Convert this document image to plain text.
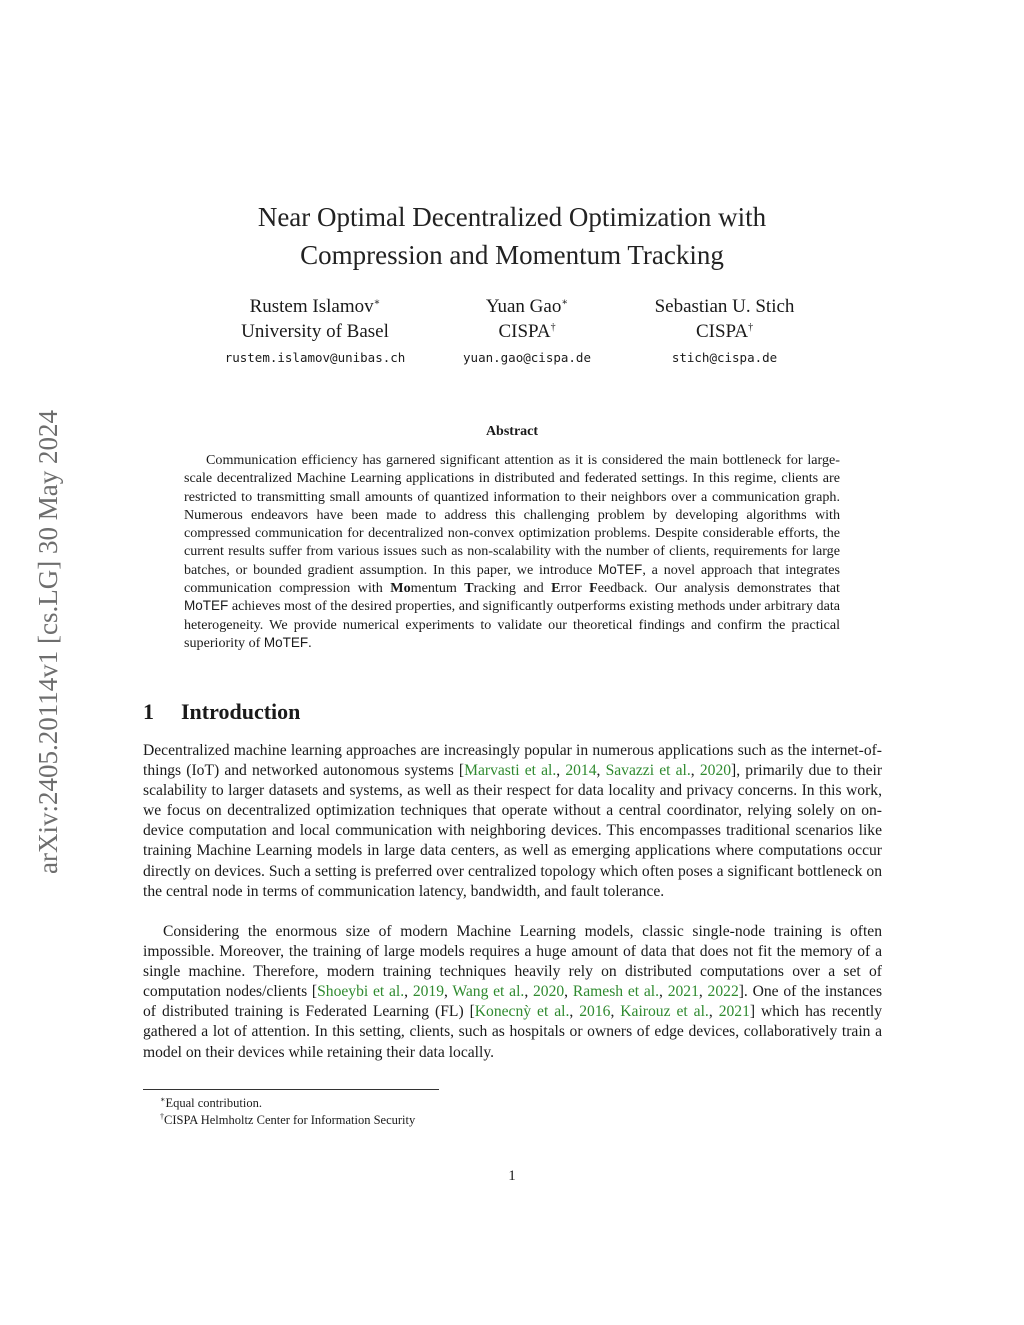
arXiv:2405.20114v1 [cs.LG] 30 May 2024
Near Optimal Decentralized Optimization with
Compression and Momentum Tracking
Rustem Islamov∗
University of Basel
rustem.islamov@unibas.ch
Yuan Gao∗
CISPA†
yuan.gao@cispa.de
Sebastian U. Stich
CISPA†
stich@cispa.de
Abstract
Communication efficiency has garnered significant attention as it is considered the main bottleneck for large-scale decentralized Machine Learning applications in distributed and federated settings. In this regime, clients are restricted to transmitting small amounts of quantized information to their neighbors over a communication graph. Numerous endeavors have been made to address this challenging problem by developing algorithms with compressed communication for decentralized non-convex optimization problems. Despite considerable efforts, the current results suffer from various issues such as non-scalability with the number of clients, requirements for large batches, or bounded gradient assumption. In this paper, we introduce MoTEF, a novel approach that integrates communication compression with Momentum Tracking and Error Feedback. Our analysis demonstrates that MoTEF achieves most of the desired properties, and significantly outperforms existing methods under arbitrary data heterogeneity. We provide numerical experiments to validate our theoretical findings and confirm the practical superiority of MoTEF.
1 Introduction
Decentralized machine learning approaches are increasingly popular in numerous applications such as the internet-of-things (IoT) and networked autonomous systems [Marvasti et al., 2014, Savazzi et al., 2020], primarily due to their scalability to larger datasets and systems, as well as their respect for data locality and privacy concerns. In this work, we focus on decentralized optimization techniques that operate without a central coordinator, relying solely on on-device computation and local communication with neighboring devices. This encompasses traditional scenarios like training Machine Learning models in large data centers, as well as emerging applications where computations occur directly on devices. Such a setting is preferred over centralized topology which often poses a significant bottleneck on the central node in terms of communication latency, bandwidth, and fault tolerance.
Considering the enormous size of modern Machine Learning models, classic single-node training is often impossible. Moreover, the training of large models requires a huge amount of data that does not fit the memory of a single machine. Therefore, modern training techniques heavily rely on distributed computations over a set of computation nodes/clients [Shoeybi et al., 2019, Wang et al., 2020, Ramesh et al., 2021, 2022]. One of the instances of distributed training is Federated Learning (FL) [Konecnỳ et al., 2016, Kairouz et al., 2021] which has recently gathered a lot of attention. In this setting, clients, such as hospitals or owners of edge devices, collaboratively train a model on their devices while retaining their data locally.
∗Equal contribution.
†CISPA Helmholtz Center for Information Security
1
